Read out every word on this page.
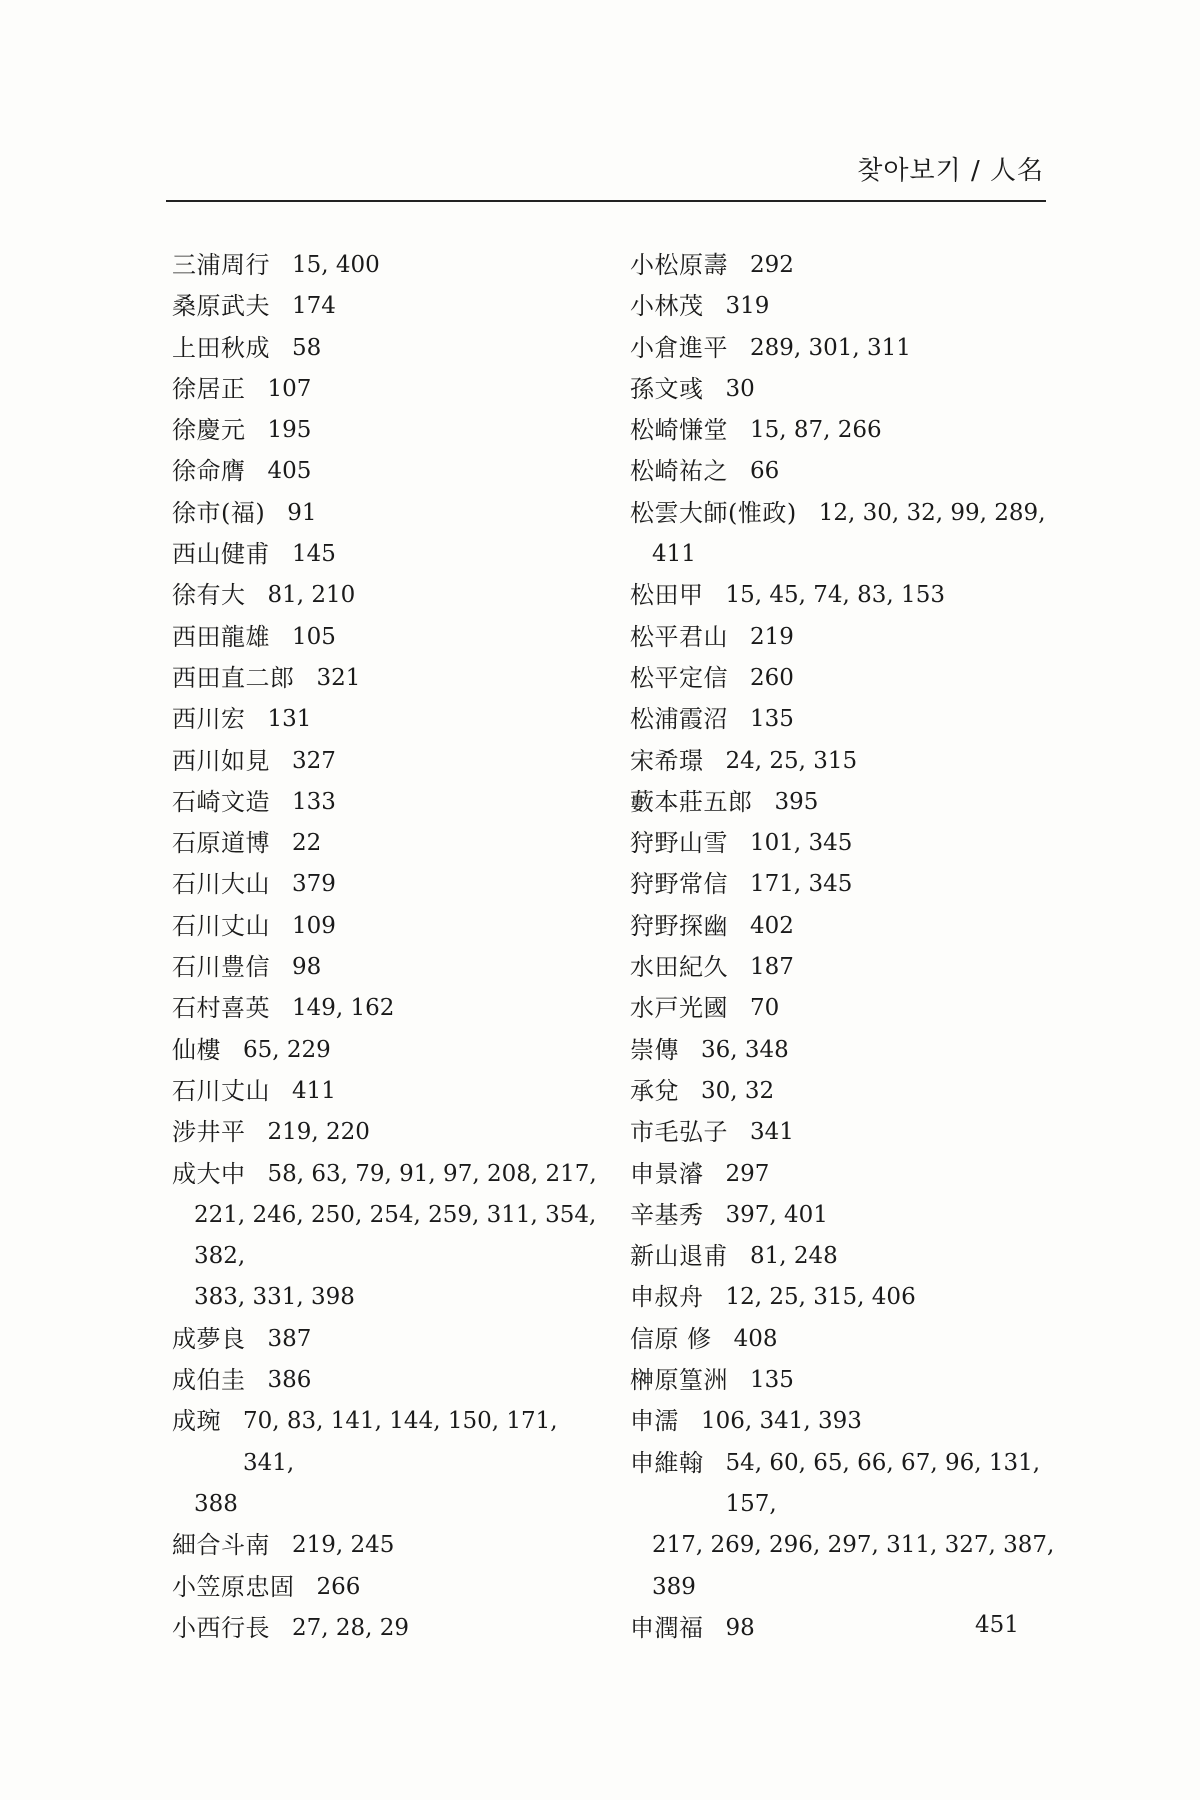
찾아보기 / 人名
三浦周行 15, 400
桑原武夫 174
上田秋成 58
徐居正 107
徐慶元 195
徐命膺 405
徐市(福) 91
西山健甫 145
徐有大 81, 210
西田龍雄 105
西田直二郎 321
西川宏 131
西川如見 327
石崎文造 133
石原道博 22
石川大山 379
石川丈山 109
石川豊信 98
石村喜英 149, 162
仙樓 65, 229
石川丈山 411
涉井平 219, 220
成大中 58, 63, 79, 91, 97, 208, 217,
221, 246, 250, 254, 259, 311, 354, 382,
383, 331, 398
成夢良 387
成伯圭 386
成琬 70, 83, 141, 144, 150, 171, 341,
388
細合斗南 219, 245
小笠原忠固 266
小西行長 27, 28, 29
小松原壽 292
小林茂 319
小倉進平 289, 301, 311
孫文彧 30
松崎慊堂 15, 87, 266
松崎祐之 66
松雲大師(惟政) 12, 30, 32, 99, 289,
411
松田甲 15, 45, 74, 83, 153
松平君山 219
松平定信 260
松浦霞沼 135
宋希璟 24, 25, 315
藪本莊五郎 395
狩野山雪 101, 345
狩野常信 171, 345
狩野探幽 402
水田紀久 187
水戸光國 70
崇傳 36, 348
承兌 30, 32
市毛弘子 341
申景濬 297
辛基秀 397, 401
新山退甫 81, 248
申叔舟 12, 25, 315, 406
信原 修 408
榊原篁洲 135
申濡 106, 341, 393
申維翰 54, 60, 65, 66, 67, 96, 131, 157,
217, 269, 296, 297, 311, 327, 387, 389
申潤福 98	451
